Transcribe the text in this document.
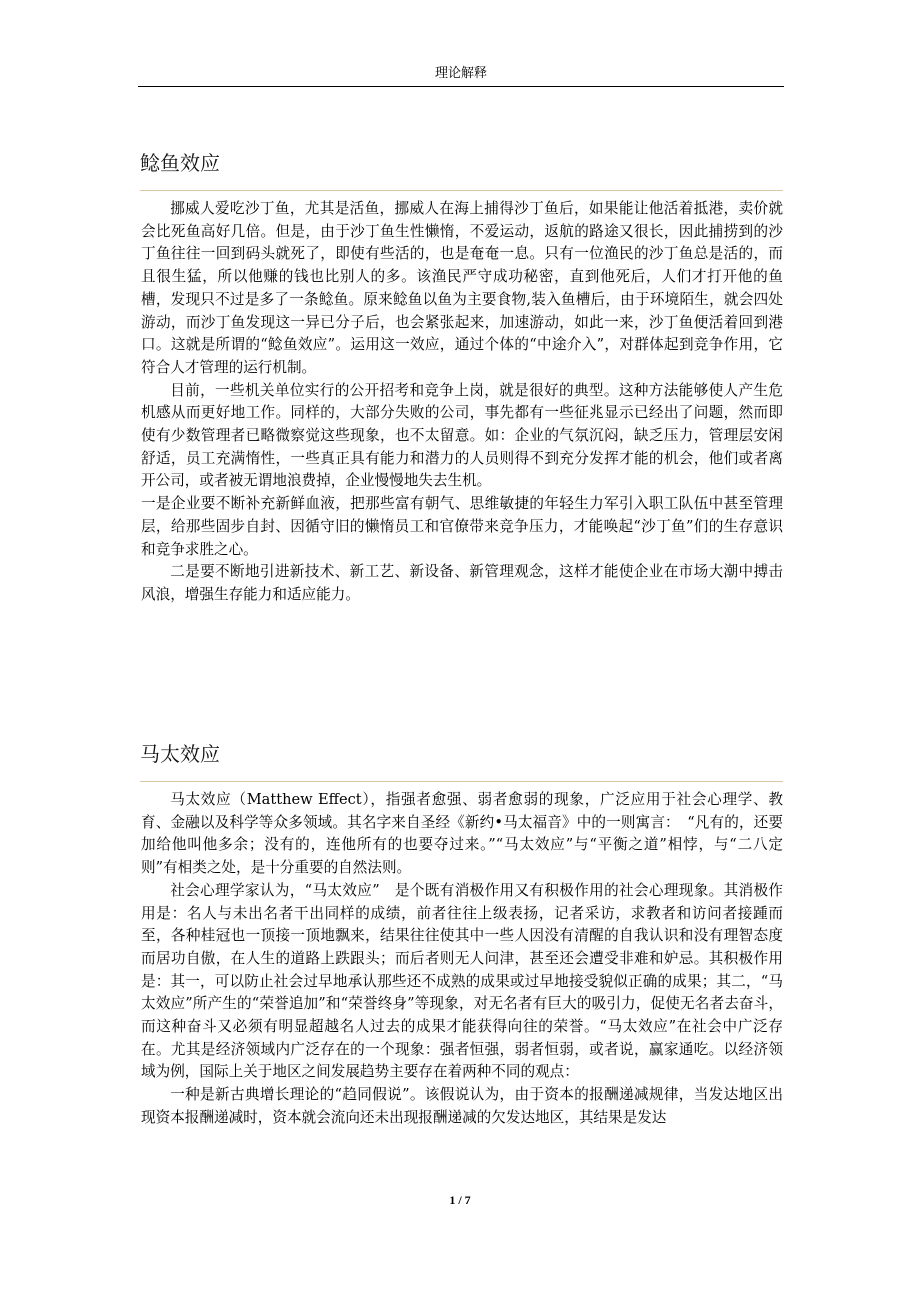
理论解释
鲶鱼效应

挪威人爱吃沙丁鱼，尤其是活鱼，挪威人在海上捕得沙丁鱼后，如果能让他活着抵港，卖价就会比死鱼高好几倍。但是，由于沙丁鱼生性懒惰，不爱运动，返航的路途又很长，因此捕捞到的沙丁鱼往往一回到码头就死了，即使有些活的，也是奄奄一息。只有一位渔民的沙丁鱼总是活的，而且很生猛，所以他赚的钱也比别人的多。该渔民严守成功秘密，直到他死后，人们才打开他的鱼槽，发现只不过是多了一条鲶鱼。原来鲶鱼以鱼为主要食物,装入鱼槽后，由于环境陌生，就会四处游动，而沙丁鱼发现这一异已分子后，也会紧张起来，加速游动，如此一来，沙丁鱼便活着回到港口。这就是所谓的“鲶鱼效应”。运用这一效应，通过个体的“中途介入”，对群体起到竞争作用，它符合人才管理的运行机制。

目前，一些机关单位实行的公开招考和竞争上岗，就是很好的典型。这种方法能够使人产生危机感从而更好地工作。同样的，大部分失败的公司，事先都有一些征兆显示已经出了问题，然而即使有少数管理者已略微察觉这些现象，也不太留意。如：企业的气氛沉闷，缺乏压力，管理层安闲舒适，员工充满惰性，一些真正具有能力和潜力的人员则得不到充分发挥才能的机会，他们或者离开公司，或者被无谓地浪费掉，企业慢慢地失去生机。

一是企业要不断补充新鲜血液，把那些富有朝气、思维敏捷的年轻生力军引入职工队伍中甚至管理层，给那些固步自封、因循守旧的懒惰员工和官僚带来竞争压力，才能唤起“沙丁鱼”们的生存意识和竞争求胜之心。

二是要不断地引进新技术、新工艺、新设备、新管理观念，这样才能使企业在市场大潮中搏击风浪，增强生存能力和适应能力。

马太效应

马太效应（Matthew Effect），指强者愈强、弱者愈弱的现象，广泛应用于社会心理学、教育、金融以及科学等众多领域。其名字来自圣经《新约•马太福音》中的一则寓言：　“凡有的，还要加给他叫他多余；没有的，连他所有的也要夺过来。”“马太效应”与“平衡之道”相悖，与“二八定则”有相类之处，是十分重要的自然法则。

社会心理学家认为，“马太效应”　是个既有消极作用又有积极作用的社会心理现象。其消极作用是：名人与未出名者干出同样的成绩，前者往往上级表扬，记者采访，求教者和访问者接踵而至，各种桂冠也一顶接一顶地飘来，结果往往使其中一些人因没有清醒的自我认识和没有理智态度而居功自傲，在人生的道路上跌跟头；而后者则无人问津，甚至还会遭受非难和妒忌。其积极作用是：其一，可以防止社会过早地承认那些还不成熟的成果或过早地接受貌似正确的成果；其二，“马太效应”所产生的“荣誉追加”和“荣誉终身”等现象，对无名者有巨大的吸引力，促使无名者去奋斗，而这种奋斗又必须有明显超越名人过去的成果才能获得向往的荣誉。“马太效应”在社会中广泛存在。尤其是经济领域内广泛存在的一个现象：强者恒强，弱者恒弱，或者说，赢家通吃。以经济领域为例，国际上关于地区之间发展趋势主要存在着两种不同的观点：

一种是新古典增长理论的“趋同假说”。该假说认为，由于资本的报酬递减规律，当发达地区出现资本报酬递减时，资本就会流向还未出现报酬递减的欠发达地区，其结果是发达

1 / 7
